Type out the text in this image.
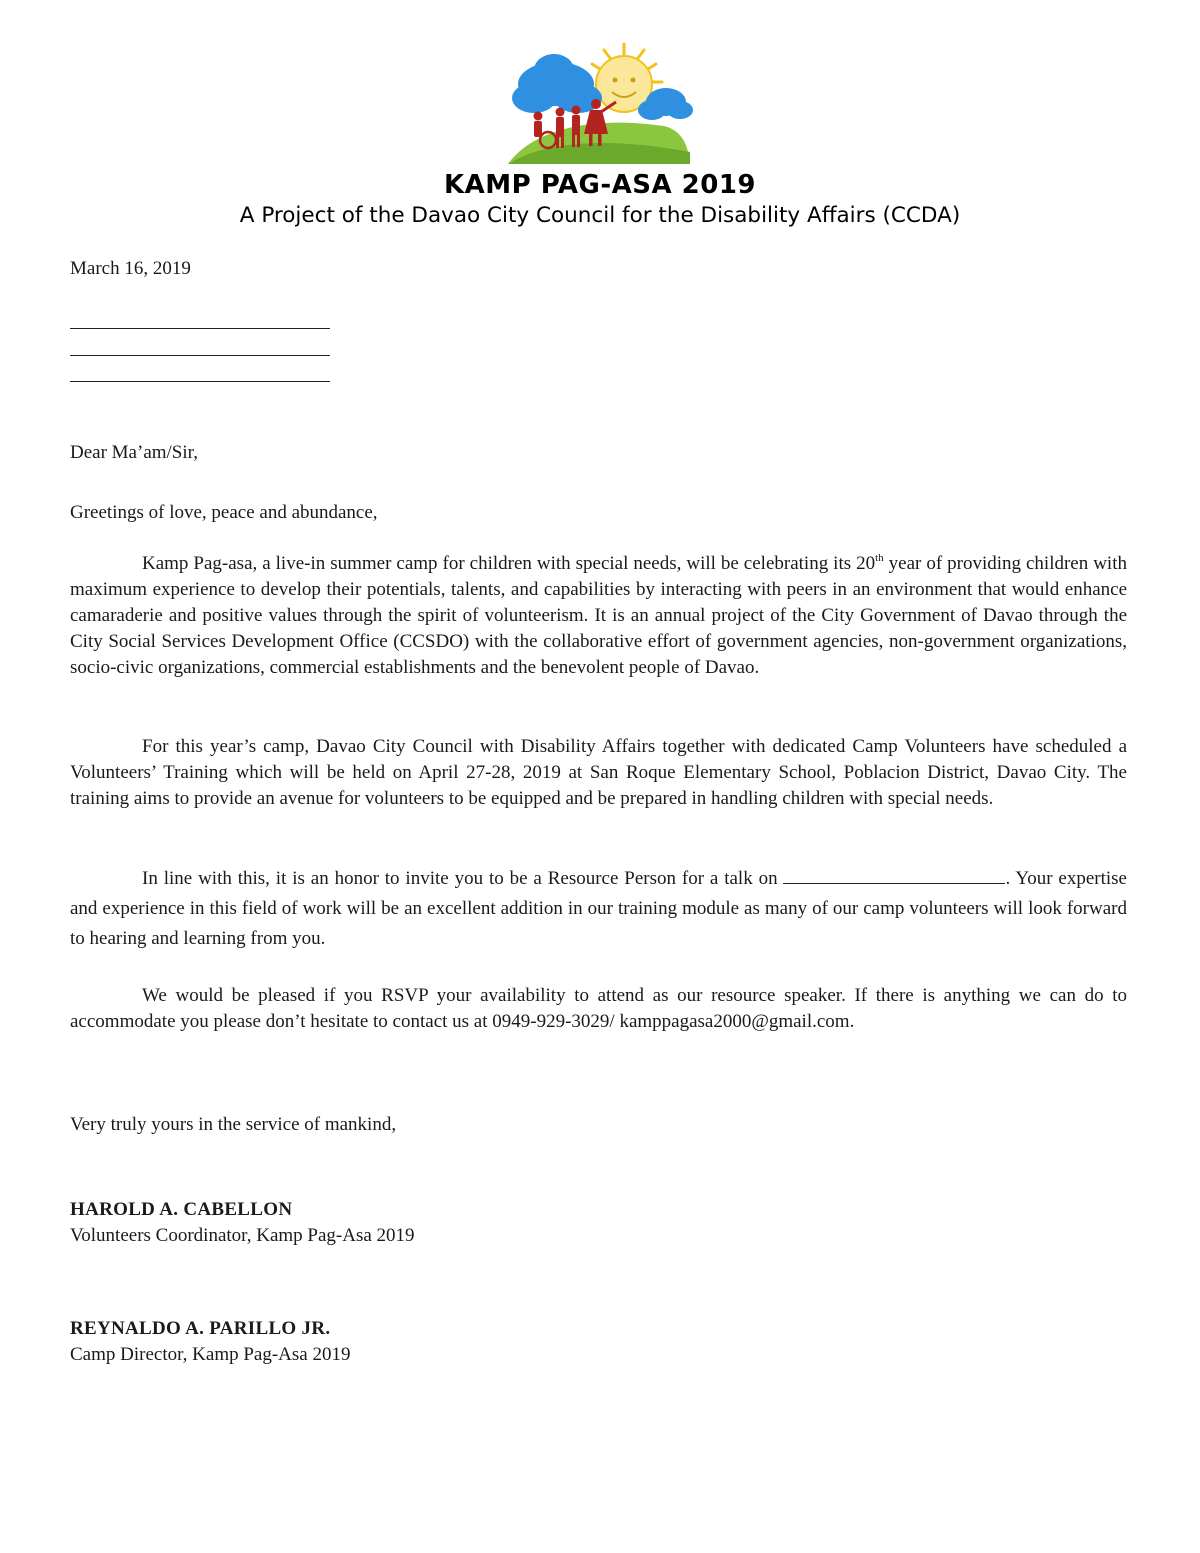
KAMP PAG-ASA 2019
A Project of the Davao City Council for the Disability Affairs (CCDA)
March 16, 2019
Dear Ma’am/Sir,
Greetings of love, peace and abundance,
Kamp Pag-asa, a live-in summer camp for children with special needs, will be celebrating its 20th year of providing children with maximum experience to develop their potentials, talents, and capabilities by interacting with peers in an environment that would enhance camaraderie and positive values through the spirit of volunteerism. It is an annual project of the City Government of Davao through the City Social Services Development Office (CCSDO) with the collaborative effort of government agencies, non-government organizations, socio-civic organizations, commercial establishments and the benevolent people of Davao.
For this year’s camp, Davao City Council with Disability Affairs together with dedicated Camp Volunteers have scheduled a Volunteers’ Training which will be held on April 27-28, 2019 at San Roque Elementary School, Poblacion District, Davao City. The training aims to provide an avenue for volunteers to be equipped and be prepared in handling children with special needs.
In line with this, it is an honor to invite you to be a Resource Person for a talk on	. Your expertise and experience in this field of work will be an excellent addition in our training module as many of our camp volunteers will look forward to hearing and learning from you.
We would be pleased if you RSVP your availability to attend as our resource speaker. If there is anything we can do to accommodate you please don’t hesitate to contact us at 0949-929-3029/ kamppagasa2000@gmail.com.
Very truly yours in the service of mankind,
HAROLD A. CABELLON
Volunteers Coordinator, Kamp Pag-Asa 2019
REYNALDO A. PARILLO JR.
Camp Director, Kamp Pag-Asa 2019
